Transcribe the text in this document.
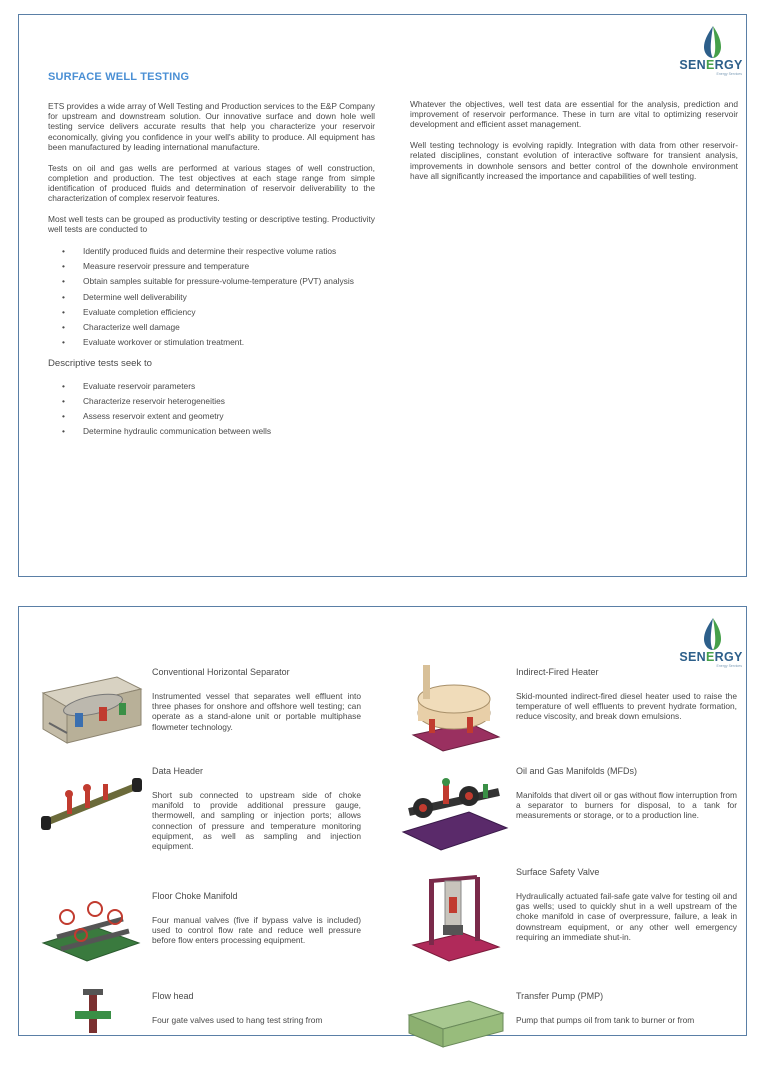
SENERGY
Energy Services
SURFACE WELL TESTING

ETS provides a wide array of Well Testing and Production services to the E&P Company for upstream and downstream solution. Our innovative surface and down hole well testing service delivers accurate results that help you characterize your reservoir economically, giving you confidence in your well's ability to produce. All equipment has been manufactured by leading international manufacture.

Tests on oil and gas wells are performed at various stages of well construction, completion and production. The test objectives at each stage range from simple identification of produced fluids and determination of reservoir deliverability to the characterization of complex reservoir features.

Most well tests can be grouped as productivity testing or descriptive testing. Productivity well tests are conducted to

• Identify produced fluids and determine their respective volume ratios
• Measure reservoir pressure and temperature
• Obtain samples suitable for pressure-volume-temperature (PVT) analysis
• Determine well deliverability
• Evaluate completion efficiency
• Characterize well damage
• Evaluate workover or stimulation treatment.
Descriptive tests seek to
• Evaluate reservoir parameters
• Characterize reservoir heterogeneities
• Assess reservoir extent and geometry
• Determine hydraulic communication between wells

Whatever the objectives, well test data are essential for the analysis, prediction and improvement of reservoir performance. These in turn are vital to optimizing reservoir development and efficient asset management.

Well testing technology is evolving rapidly. Integration with data from other reservoir-related disciplines, constant evolution of interactive software for transient analysis, improvements in downhole sensors and better control of the downhole environment have all significantly increased the importance and capabilities of well testing.

SENERGY
Energy Services
Conventional Horizontal Separator
Instrumented vessel that separates well effluent into three phases for onshore and offshore well testing; can operate as a stand-alone unit or portable multiphase flowmeter technology.
Data Header
Short sub connected to upstream side of choke manifold to provide additional pressure gauge, thermowell, and sampling or injection ports; allows connection of pressure and temperature monitoring equipment, as well as sampling and injection equipment.
Floor Choke Manifold
Four manual valves (five if bypass valve is included) used to control flow rate and reduce well pressure before flow enters processing equipment.
Flow head
Four gate valves used to hang test string from
Indirect-Fired Heater
Skid-mounted indirect-fired diesel heater used to raise the temperature of well effluents to prevent hydrate formation, reduce viscosity, and break down emulsions.
Oil and Gas Manifolds (MFDs)
Manifolds that divert oil or gas without flow interruption from a separator to burners for disposal, to a tank for measurements or storage, or to a production line.
Surface Safety Valve
Hydraulically actuated fail-safe gate valve for testing oil and gas wells; used to quickly shut in a well upstream of the choke manifold in case of overpressure, failure, a leak in downstream equipment, or any other well emergency requiring an immediate shut-in.
Transfer Pump (PMP)
Pump that pumps oil from tank to burner or from
